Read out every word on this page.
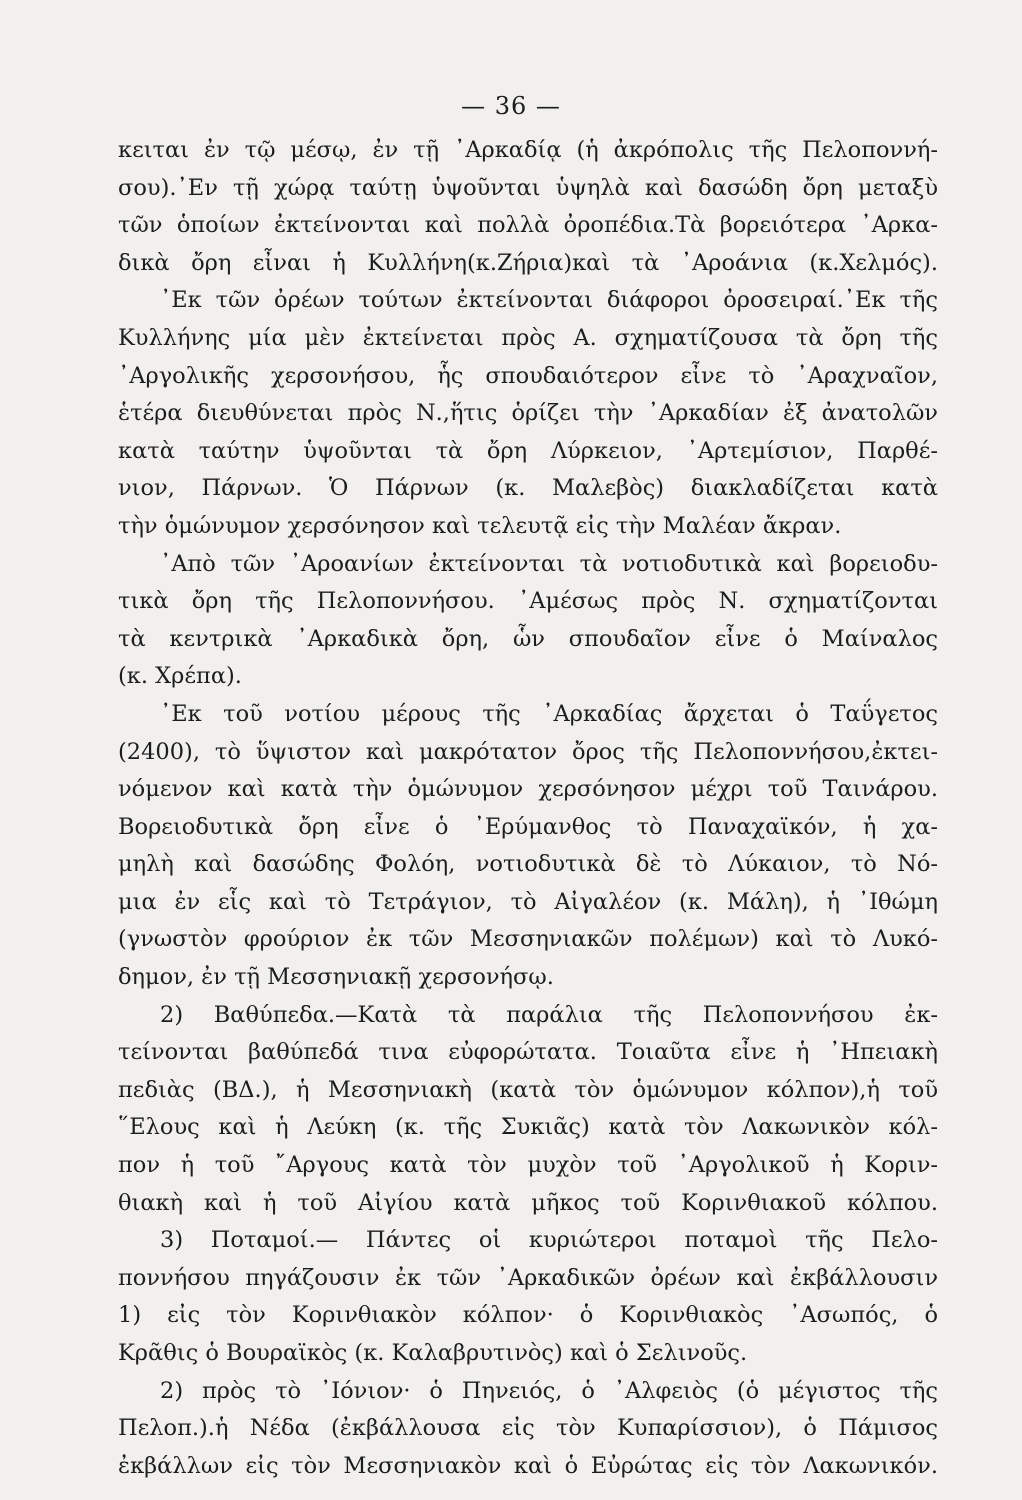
— 36 —
κειται ἐν τῷ μέσῳ, ἐν τῇ ᾿Αρκαδίᾳ (ἡ ἀκρόπολις τῆς Πελοποννή-
σου).᾿Εν τῇ χώρᾳ ταύτῃ ὑψοῦνται ὑψηλὰ καὶ δασώδη ὄρη μεταξὺ
τῶν ὁποίων ἐκτείνονται καὶ πολλὰ ὀροπέδια.Τὰ βορειότερα ᾿Αρκα-
δικὰ ὄρη εἶναι ἡ Κυλλήνη(κ.Ζήρια)καὶ τὰ ᾿Αροάνια (κ.Χελμός).
᾿Εκ τῶν ὀρέων τούτων ἐκτείνονται διάφοροι ὀροσειραί.᾿Εκ τῆς
Κυλλήνης μία μὲν ἐκτείνεται πρὸς Α. σχηματίζουσα τὰ ὄρη τῆς
᾿Αργολικῆς χερσονήσου, ἧς σπουδαιότερον εἶνε τὸ ᾿Αραχναῖον,
ἑτέρα διευθύνεται πρὸς Ν.,ἥτις ὁρίζει τὴν ᾿Αρκαδίαν ἐξ ἀνατολῶν
κατὰ ταύτην ὑψοῦνται τὰ ὄρη Λύρκειον, ᾿Αρτεμίσιον, Παρθέ-
νιον, Πάρνων. Ὁ Πάρνων (κ. Μαλεβὸς) διακλαδίζεται κατὰ
τὴν ὁμώνυμον χερσόνησον καὶ τελευτᾷ εἰς τὴν Μαλέαν ἄκραν.
᾿Απὸ τῶν ᾿Αροανίων ἐκτείνονται τὰ νοτιοδυτικὰ καὶ βορειοδυ-
τικὰ ὄρη τῆς Πελοποννήσου. ᾿Αμέσως πρὸς Ν. σχηματίζονται
τὰ κεντρικὰ ᾿Αρκαδικὰ ὄρη, ὧν σπουδαῖον εἶνε ὁ Μαίναλος
(κ. Χρέπα).
᾿Εκ τοῦ νοτίου μέρους τῆς ᾿Αρκαδίας ἄρχεται ὁ Ταΰγετος
(2400), τὸ ὕψιστον καὶ μακρότατον ὄρος τῆς Πελοποννήσου,ἐκτει-
νόμενον καὶ κατὰ τὴν ὁμώνυμον χερσόνησον μέχρι τοῦ Ταινάρου.
Βορειοδυτικὰ ὄρη εἶνε ὁ ᾿Ερύμανθος τὸ Παναχαϊκόν, ἡ χα-
μηλὴ καὶ δασώδης Φολόη, νοτιοδυτικὰ δὲ τὸ Λύκαιον, τὸ Νό-
μια ἐν εἷς καὶ τὸ Τετράγιον, τὸ Αἰγαλέον (κ. Μάλη), ἡ ᾿Ιθώμη
(γνωστὸν φρούριον ἐκ τῶν Μεσσηνιακῶν πολέμων) καὶ τὸ Λυκό-
δημον, ἐν τῇ Μεσσηνιακῇ χερσονήσῳ.
2) Βαθύπεδα.—Κατὰ τὰ παράλια τῆς Πελοποννήσου ἐκ-
τείνονται βαθύπεδά τινα εὐφορώτατα. Τοιαῦτα εἶνε ἡ ᾿Ηπειακὴ
πεδιὰς (ΒΔ.), ἡ Μεσσηνιακὴ (κατὰ τὸν ὁμώνυμον κόλπον),ἡ τοῦ
῞Ελους καὶ ἡ Λεύκη (κ. τῆς Συκιᾶς) κατὰ τὸν Λακωνικὸν κόλ-
πον ἡ τοῦ ῎Αργους κατὰ τὸν μυχὸν τοῦ ᾿Αργολικοῦ ἡ Κοριν-
θιακὴ καὶ ἡ τοῦ Αἰγίου κατὰ μῆκος τοῦ Κορινθιακοῦ κόλπου.
3) Ποταμοί.— Πάντες οἱ κυριώτεροι ποταμοὶ τῆς Πελο-
ποννήσου πηγάζουσιν ἐκ τῶν ᾿Αρκαδικῶν ὀρέων καὶ ἐκβάλλουσιν
1) εἰς τὸν Κορινθιακὸν κόλπον· ὁ Κορινθιακὸς ᾿Ασωπός, ὁ
Κρᾶθις ὁ Βουραϊκὸς (κ. Καλαβρυτινὸς) καὶ ὁ Σελινοῦς.
2) πρὸς τὸ ᾿Ιόνιον· ὁ Πηνειός, ὁ ᾿Αλφειὸς (ὁ μέγιστος τῆς
Πελοπ.).ἡ Νέδα (ἐκβάλλουσα εἰς τὸν Κυπαρίσσιον), ὁ Πάμισος
ἐκβάλλων εἰς τὸν Μεσσηνιακὸν καὶ ὁ Εὐρώτας εἰς τὸν Λακωνικόν.
